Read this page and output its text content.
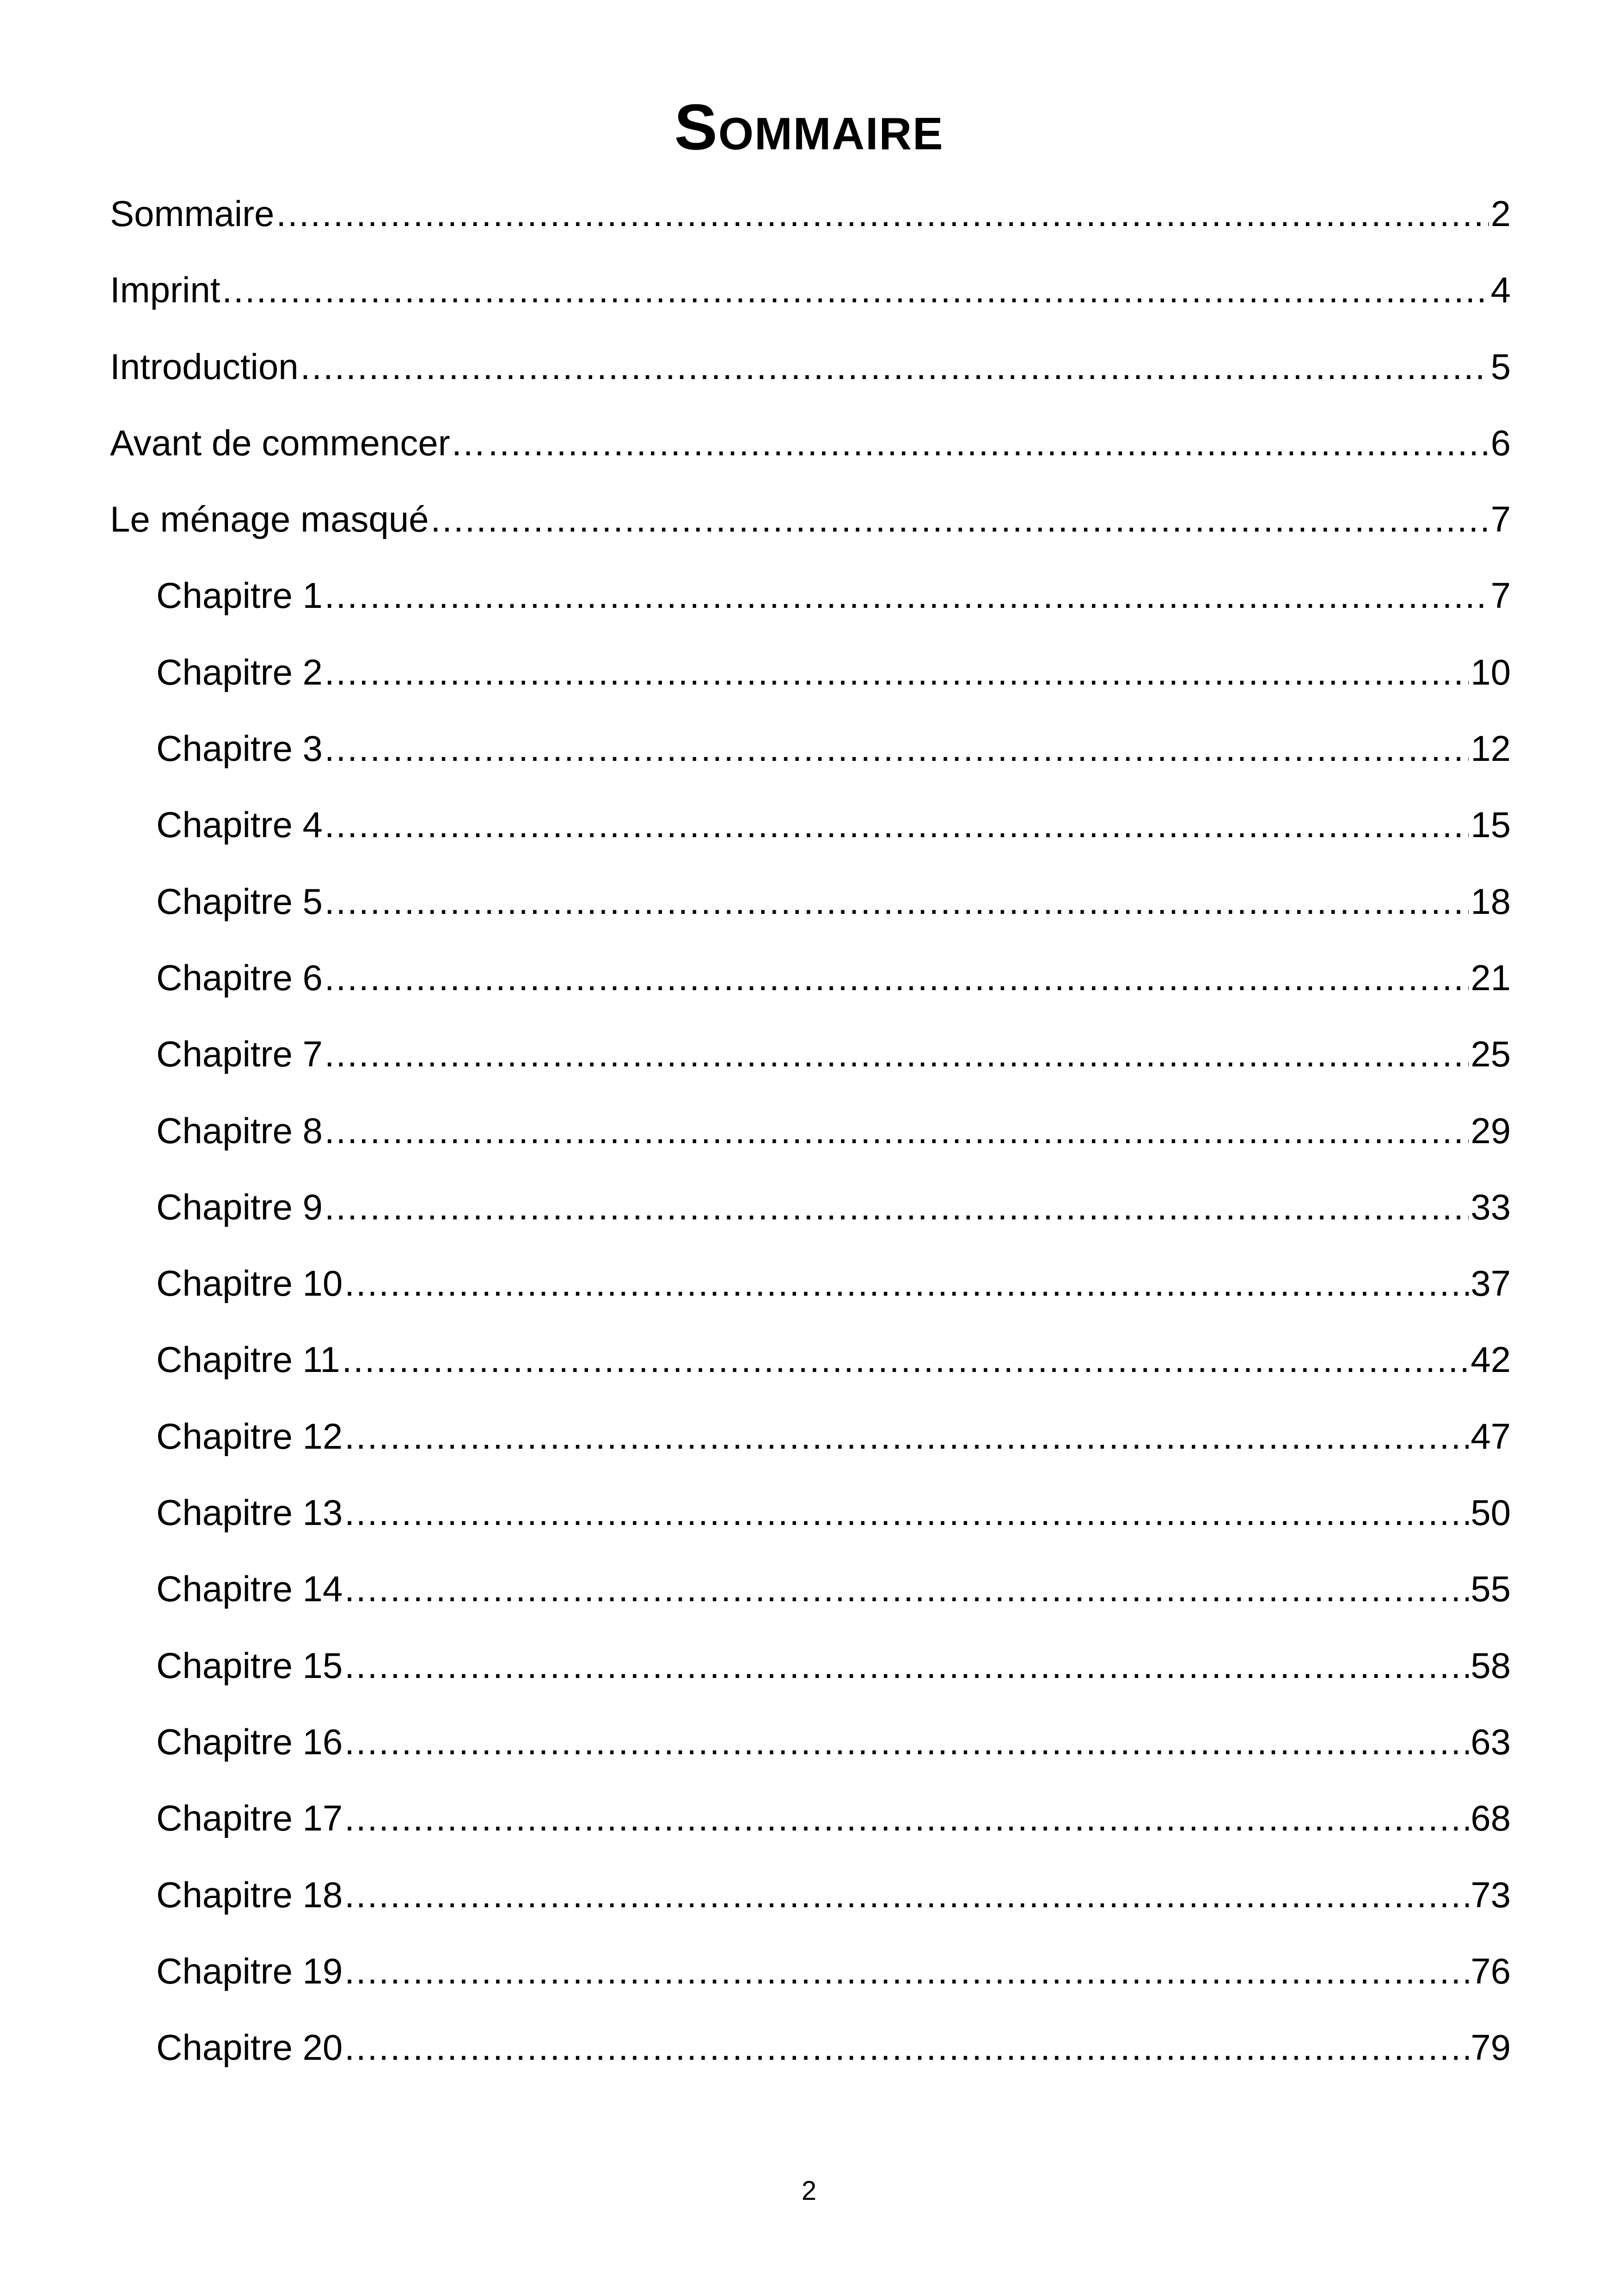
Sommaire
Sommaire .....	2
Imprint .....	4
Introduction .....	5
Avant de commencer… .....	6
Le ménage masqué .....	7
Chapitre 1 .....	7
Chapitre 2 .....	10
Chapitre 3 .....	12
Chapitre 4 .....	15
Chapitre 5 .....	18
Chapitre 6 .....	21
Chapitre 7 .....	25
Chapitre 8 .....	29
Chapitre 9 .....	33
Chapitre 10 .....	37
Chapitre 11 .....	42
Chapitre 12 .....	47
Chapitre 13 .....	50
Chapitre 14 .....	55
Chapitre 15 .....	58
Chapitre 16 .....	63
Chapitre 17 .....	68
Chapitre 18 .....	73
Chapitre 19 .....	76
Chapitre 20 .....	79
2
